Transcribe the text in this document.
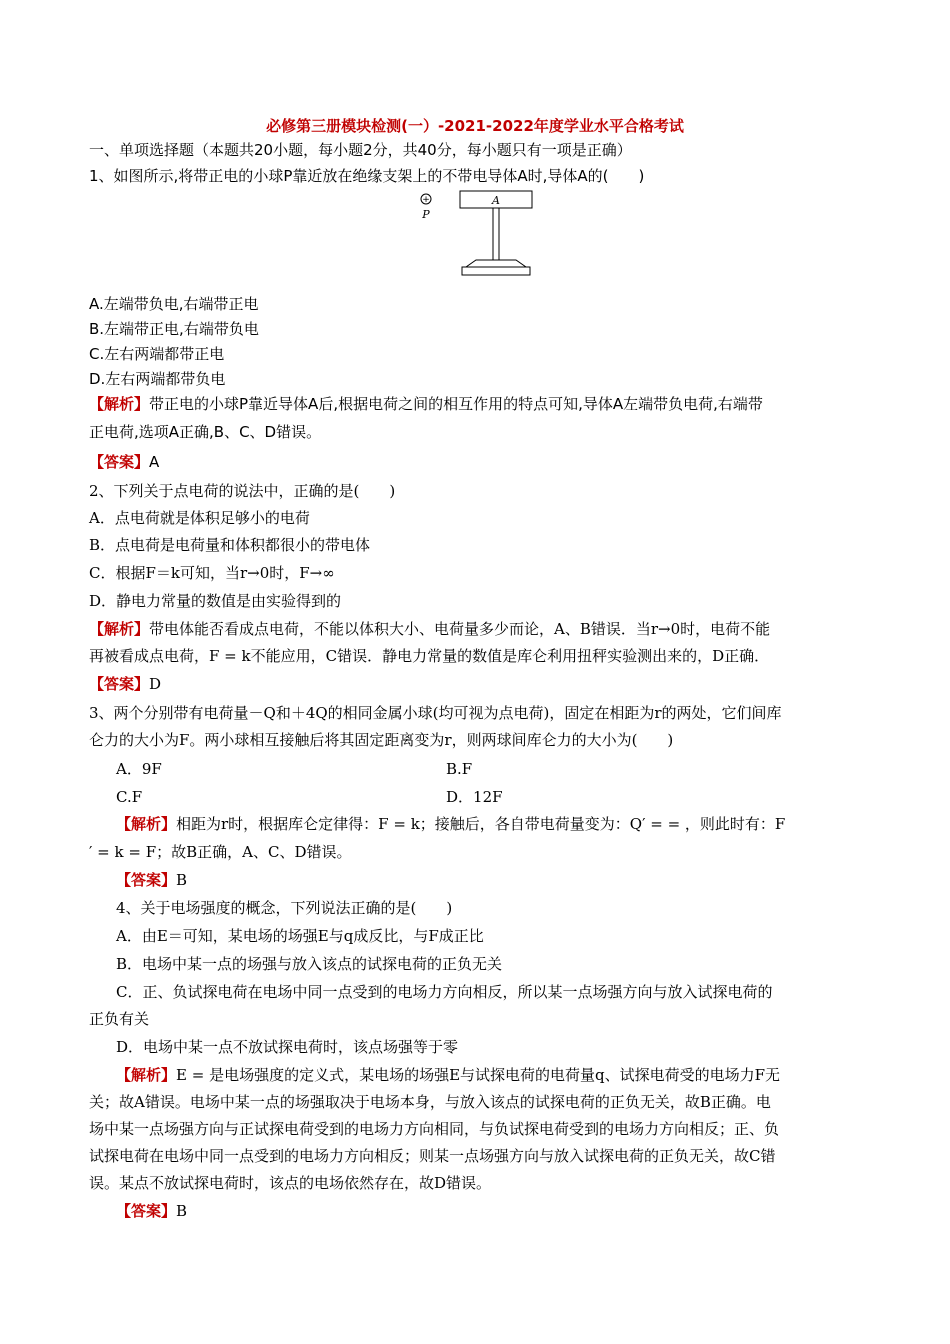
必修第三册模块检测(一）-2021-2022年度学业水平合格考试
一、单项选择题（本题共20小题，每小题2分，共40分，每小题只有一项是正确）
1、如图所示,将带正电的小球P靠近放在绝缘支架上的不带电导体A时,导体A的(　　)
+
P
A
A.左端带负电,右端带正电
B.左端带正电,右端带负电
C.左右两端都带正电
D.左右两端都带负电
【解析】带正电的小球P靠近导体A后,根据电荷之间的相互作用的特点可知,导体A左端带负电荷,右端带
正电荷,选项A正确,B、C、D错误。
【答案】A
2、下列关于点电荷的说法中，正确的是(　　)
A．点电荷就是体积足够小的电荷
B．点电荷是电荷量和体积都很小的带电体
C．根据F＝k可知，当r→0时，F→∞
D．静电力常量的数值是由实验得到的
【解析】带电体能否看成点电荷，不能以体积大小、电荷量多少而论，A、B错误．当r→0时，电荷不能
再被看成点电荷，F = k不能应用，C错误．静电力常量的数值是库仑利用扭秤实验测出来的，D正确．
【答案】D
3、两个分别带有电荷量－Q和＋4Q的相同金属小球(均可视为点电荷)，固定在相距为r的两处，它们间库
仑力的大小为F。两小球相互接触后将其固定距离变为r，则两球间库仑力的大小为(　　)
A．9F	B.F
C.F	D．12F
【解析】相距为r时，根据库仑定律得：F = k；接触后，各自带电荷量变为：Q′ = = ，则此时有：F
′ = k = F；故B正确，A、C、D错误。
【答案】B
4、关于电场强度的概念，下列说法正确的是(　　)
A．由E＝可知，某电场的场强E与q成反比，与F成正比
B．电场中某一点的场强与放入该点的试探电荷的正负无关
C．正、负试探电荷在电场中同一点受到的电场力方向相反，所以某一点场强方向与放入试探电荷的
正负有关
D．电场中某一点不放试探电荷时，该点场强等于零
【解析】E = 是电场强度的定义式，某电场的场强E与试探电荷的电荷量q、试探电荷受的电场力F无
关；故A错误。电场中某一点的场强取决于电场本身，与放入该点的试探电荷的正负无关，故B正确。电
场中某一点场强方向与正试探电荷受到的电场力方向相同，与负试探电荷受到的电场力方向相反；正、负
试探电荷在电场中同一点受到的电场力方向相反；则某一点场强方向与放入试探电荷的正负无关，故C错
误。某点不放试探电荷时，该点的电场依然存在，故D错误。
【答案】B
